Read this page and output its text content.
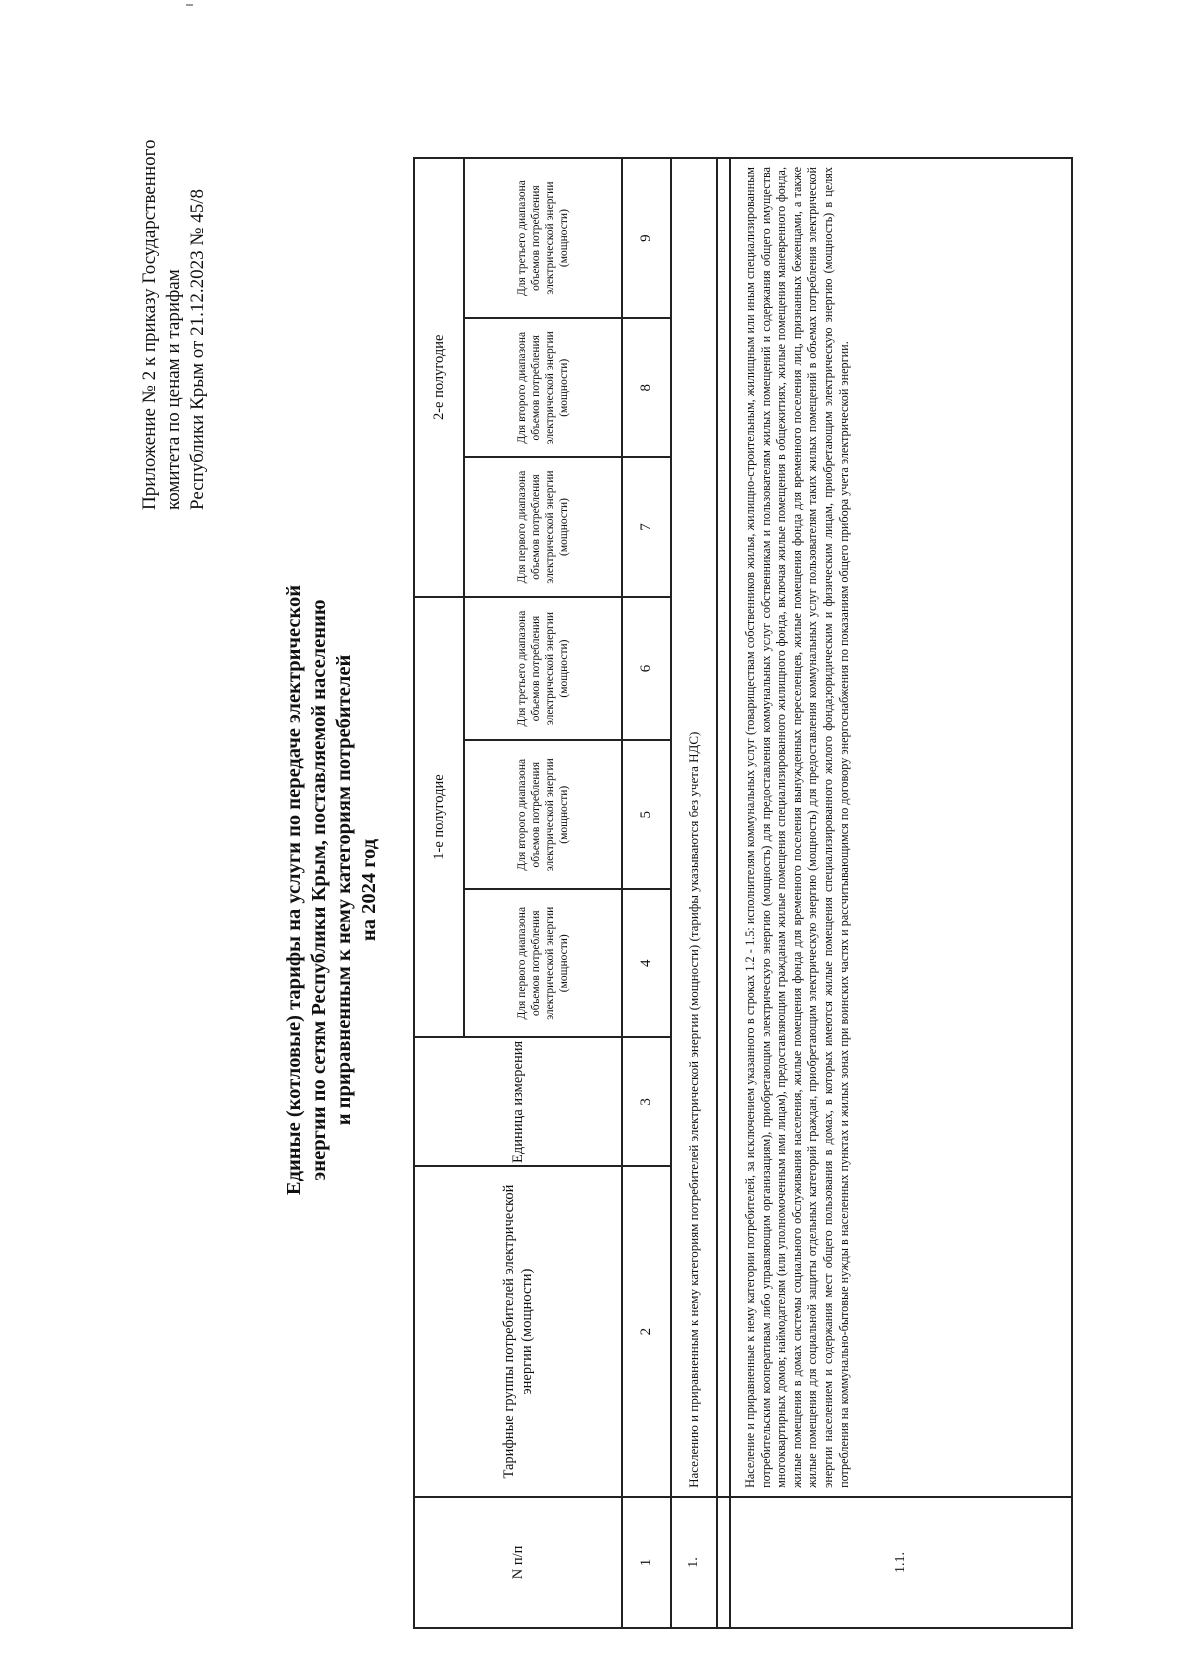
Приложение № 2 к приказу Государственного комитета по ценам и тарифам Республики Крым от 21.12.2023 № 45/8
Единые (котловые) тарифы на услуги по передаче электрической энергии по сетям Республики Крым, поставляемой населению и приравненным к нему категориям потребителей на 2024 год
N п/п	Тарифные группы потребителей электрической энергии (мощности)	Единица измерения	1-е полугодие			2-е полугодие		
			Для первого диапазона объемов потребления электрической энергии (мощности)	Для второго диапазона объемов потребления электрической энергии (мощности)	Для третьего диапазона объемов потребления электрической энергии (мощности)	Для первого диапазона объемов потребления электрической энергии (мощности)	Для второго диапазона объемов потребления электрической энергии (мощности)	Для третьего диапазона объемов потребления электрической энергии (мощности)
1	2	3	4	5	6	7	8	9
1.	Населению и приравненным к нему категориям потребителей электрической энергии (мощности) (тарифы указываются без учета НДС)							

1.1.	Население и приравненные к нему категории потребителей, за исключением указанного в строках 1.2 - 1.5: исполнителям коммунальных услуг (товариществам собственников жилья, жилищно-строительным, жилищным или иным специализированным потребительским кооперативам либо управляющим организациям), приобретающим электрическую энергию (мощность) для предоставления коммунальных услуг собственникам и пользователям жилых помещений и содержания общего имущества многоквартирных домов; наймодателям (или уполномоченным ими лицам), предоставляющим гражданам жилые помещения специализированного жилищного фонда, включая жилые помещения в общежитиях, жилые помещения маневренного фонда, жилые помещения в домах системы социального обслуживания населения, жилые помещения фонда для временного поселения вынужденных переселенцев, жилые помещения фонда для временного поселения лиц, признанных беженцами, а также жилые помещения для социальной защиты отдельных категорий граждан, приобретающим электрическую энергию (мощность) для предоставления коммунальных услуг пользователям таких жилых помещений в объемах потребления электрической энергии населением и содержания мест общего пользования в домах, в которых имеются жилые помещения специализированного жилого фонда;юридическим и физическим лицам, приобретающим электрическую энергию (мощность) в целях потребления на коммунально-бытовые нужды в населенных пунктах и жилых зонах при воинских частях и рассчитывающимся по договору энергоснабжения по показаниям общего прибора учета электрической энергии.							
